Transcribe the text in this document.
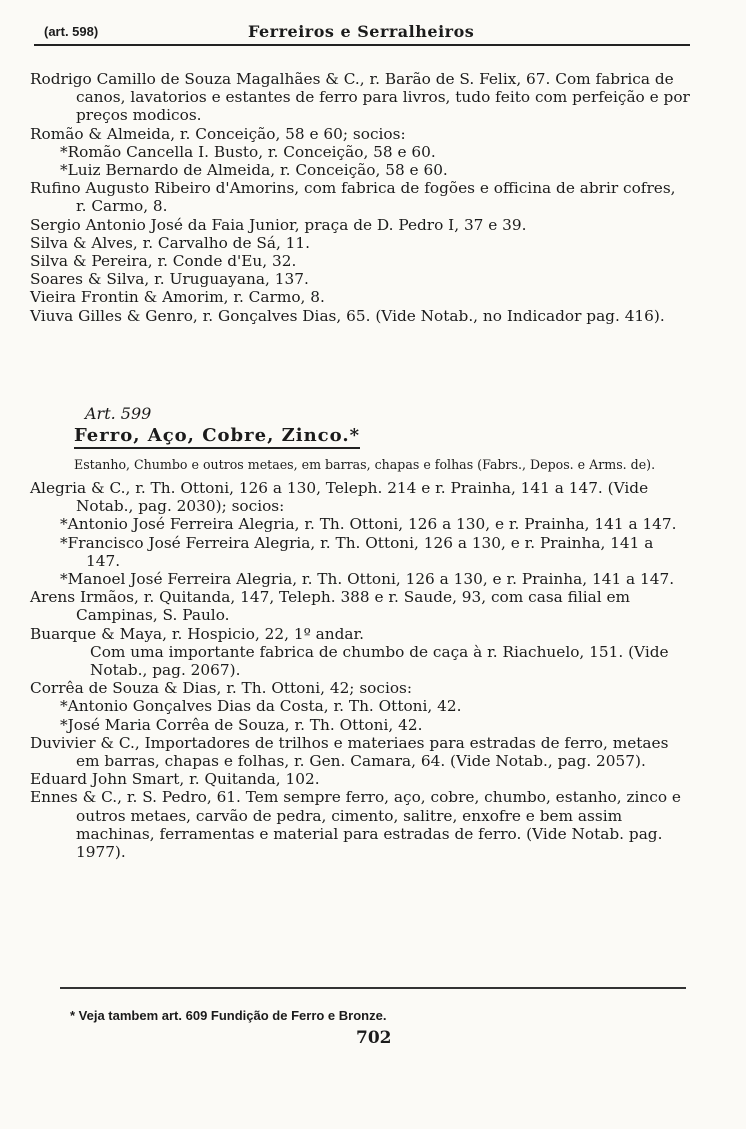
(art. 598)	Ferreiros e Serralheiros

Rodrigo Camillo de Souza Magalhães & C., r. Barão de S. Felix, 67. Com fabrica de canos, lavatorios e estantes de ferro para livros, tudo feito com perfeição e por preços modicos.

Romão & Almeida, r. Conceição, 58 e 60; socios:

*Romão Cancella I. Busto, r. Conceição, 58 e 60.

*Luiz Bernardo de Almeida, r. Conceição, 58 e 60.

Rufino Augusto Ribeiro d'Amorins, com fabrica de fogões e officina de abrir cofres, r. Carmo, 8.

Sergio Antonio José da Faia Junior, praça de D. Pedro I, 37 e 39.

Silva & Alves, r. Carvalho de Sá, 11.

Silva & Pereira, r. Conde d'Eu, 32.

Soares & Silva, r. Uruguayana, 137.

Vieira Frontin & Amorim, r. Carmo, 8.

Viuva Gilles & Genro, r. Gonçalves Dias, 65. (Vide Notab., no Indicador pag. 416).

Art. 599
Ferro, Aço, Cobre, Zinco.*
Estanho, Chumbo e outros metaes, em barras, chapas e folhas (Fabrs., Depos. e Arms. de).

Alegria & C., r. Th. Ottoni, 126 a 130, Teleph. 214 e r. Prainha, 141 a 147. (Vide Notab., pag. 2030); socios:

*Antonio José Ferreira Alegria, r. Th. Ottoni, 126 a 130, e r. Prainha, 141 a 147.

*Francisco José Ferreira Alegria, r. Th. Ottoni, 126 a 130, e r. Prainha, 141 a 147.

*Manoel José Ferreira Alegria, r. Th. Ottoni, 126 a 130, e r. Prainha, 141 a 147.

Arens Irmãos, r. Quitanda, 147, Teleph. 388 e r. Saude, 93, com casa filial em Campinas, S. Paulo.

Buarque & Maya, r. Hospicio, 22, 1º andar.

Com uma importante fabrica de chumbo de caça à r. Riachuelo, 151. (Vide Notab., pag. 2067).

Corrêa de Souza & Dias, r. Th. Ottoni, 42; socios:

*Antonio Gonçalves Dias da Costa, r. Th. Ottoni, 42.

*José Maria Corrêa de Souza, r. Th. Ottoni, 42.

Duvivier & C., Importadores de trilhos e materiaes para estradas de ferro, metaes em barras, chapas e folhas, r. Gen. Camara, 64. (Vide Notab., pag. 2057).

Eduard John Smart, r. Quitanda, 102.

Ennes & C., r. S. Pedro, 61. Tem sempre ferro, aço, cobre, chumbo, estanho, zinco e outros metaes, carvão de pedra, cimento, salitre, enxofre e bem assim machinas, ferramentas e material para estradas de ferro. (Vide Notab. pag. 1977).

* Veja tambem art. 609 Fundição de Ferro e Bronze.
702
